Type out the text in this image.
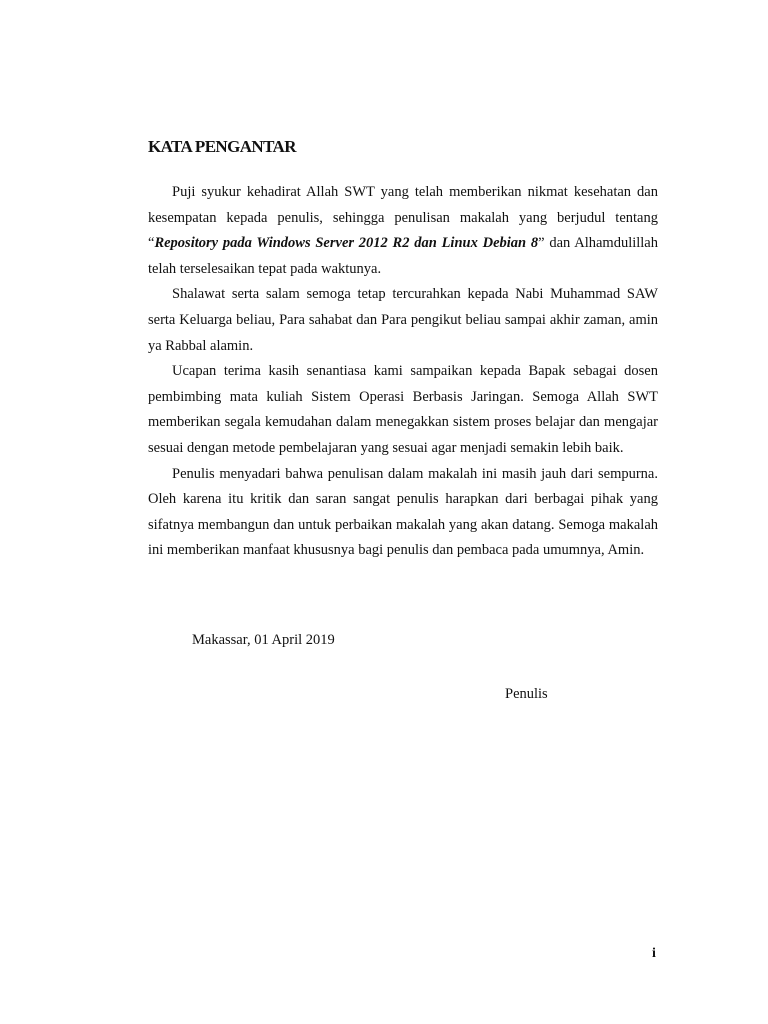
KATA PENGANTAR

Puji syukur kehadirat Allah SWT yang telah memberikan nikmat kesehatan dan kesempatan kepada penulis, sehingga penulisan makalah yang berjudul tentang “Repository pada Windows Server 2012 R2 dan Linux Debian 8” dan Alhamdulillah telah terselesaikan tepat pada waktunya.

Shalawat serta salam semoga tetap tercurahkan kepada Nabi Muhammad SAW serta Keluarga beliau, Para sahabat dan Para pengikut beliau sampai akhir zaman, amin ya Rabbal alamin.

Ucapan terima kasih senantiasa kami sampaikan kepada Bapak sebagai dosen pembimbing mata kuliah Sistem Operasi Berbasis Jaringan. Semoga Allah SWT memberikan segala kemudahan dalam menegakkan sistem proses belajar dan mengajar sesuai dengan metode pembelajaran yang sesuai agar menjadi semakin lebih baik.

Penulis menyadari bahwa penulisan dalam makalah ini masih jauh dari sempurna. Oleh karena itu kritik dan saran sangat penulis harapkan dari berbagai pihak yang sifatnya membangun dan untuk perbaikan makalah yang akan datang. Semoga makalah ini memberikan manfaat khususnya bagi penulis dan pembaca pada umumnya, Amin.

Makassar, 01 April 2019

Penulis

i
